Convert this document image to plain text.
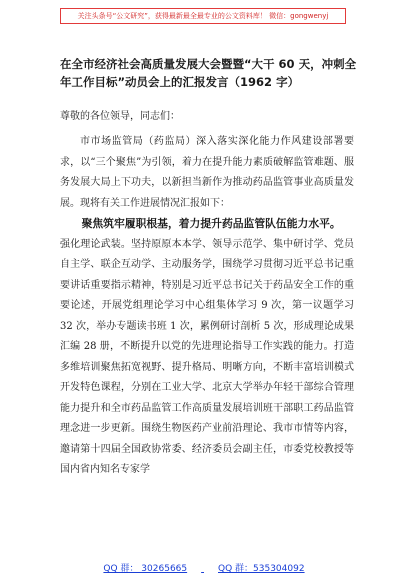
关注头条号“公文研究”，获得最新最全最专业的公文资料库！ 微信：gongwenyj
在全市经济社会高质量发展大会暨暨“大干 60 天，冲刺全年工作目标”动员会上的汇报发言（1962 字）
尊敬的各位领导，同志们：

市市场监管局（药监局）深入落实深化能力作风建设部署要求，以“三个聚焦”为引领，着力在提升能力素质破解监管难题、服务发展大局上下功夫，以新担当新作为推动药品监管事业高质量发展。现将有关工作进展情况汇报如下：

聚焦筑牢履职根基，着力提升药品监管队伍能力水平。

强化理论武装。坚持原原本本学、领导示范学、集中研讨学、党员自主学、联企互动学、主动服务学，围绕学习贯彻习近平总书记重要讲话重要指示精神，特别是习近平总书记关于药品安全工作的重要论述，开展党组理论学习中心组集体学习 9 次，第一议题学习 32 次，举办专题读书班 1 次，累例研讨剖析 5 次，形成理论成果汇编 28 册，不断提升以党的先进理论指导工作实践的能力。打造多维培训聚焦拓宽视野、提升格局、明晰方向，不断丰富培训模式开发特色课程，分别在工业大学、北京大学举办年轻干部综合管理能力提升和全市药品监管工作高质量发展培训班干部职工药品监管理念进一步更新。围绕生物医药产业前沿理论、我市市情等内容，邀请第十四届全国政协常委、经济委员会副主任，市委党校教授等国内省内知名专家学

QQ 群： 30265665	QQ 群：535304092
